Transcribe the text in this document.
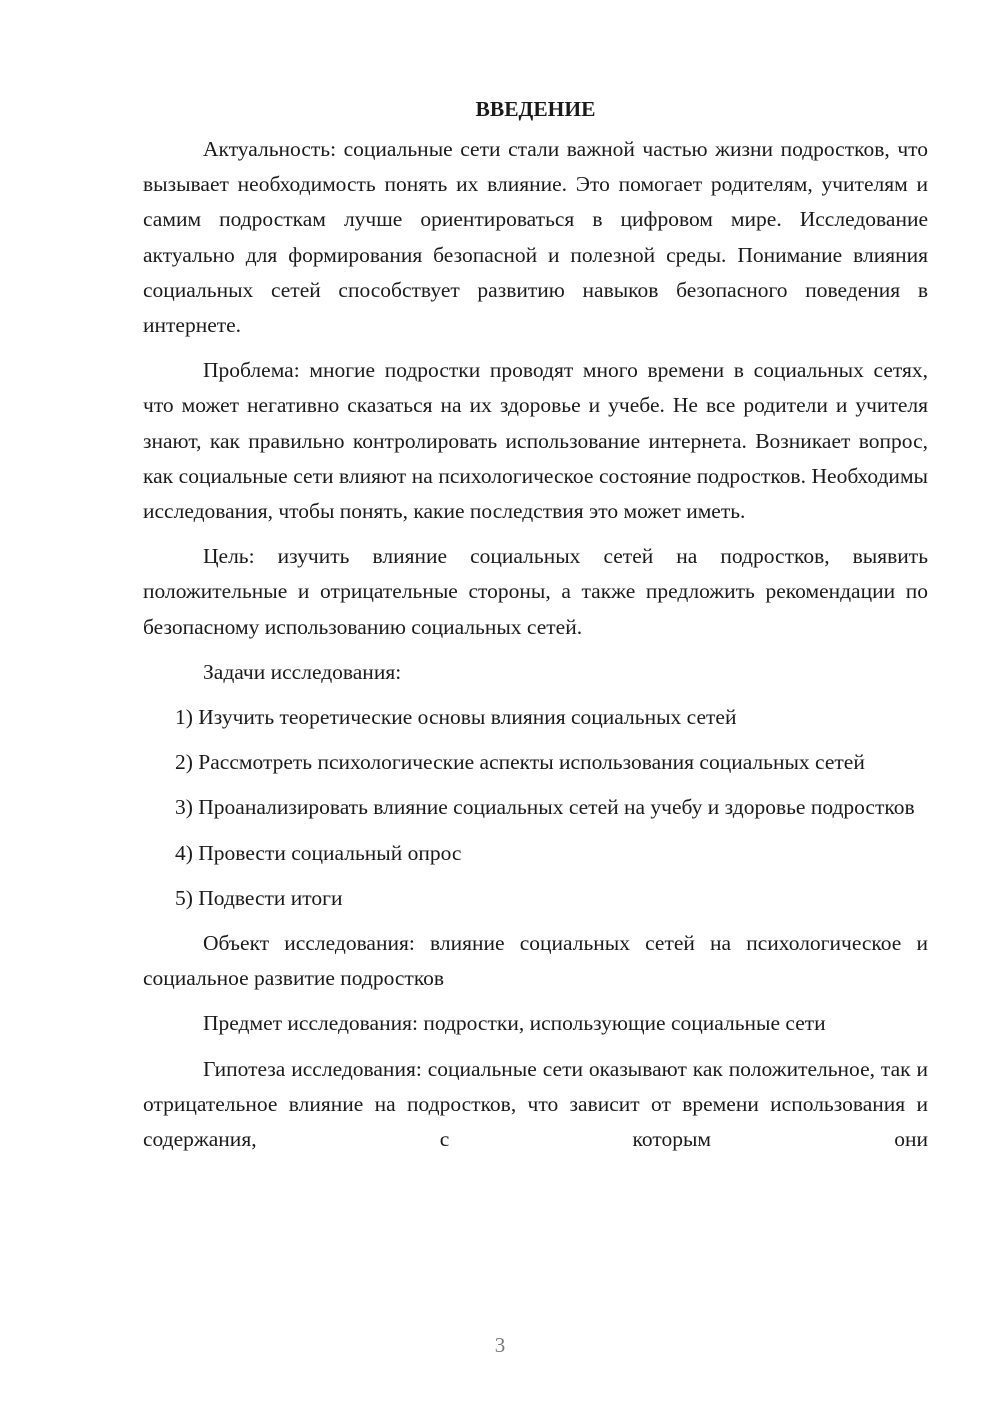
ВВЕДЕНИЕ

Актуальность: социальные сети стали важной частью жизни подростков, что вызывает необходимость понять их влияние. Это помогает родителям, учителям и самим подросткам лучше ориентироваться в цифровом мире. Исследование актуально для формирования безопасной и полезной среды. Понимание влияния социальных сетей способствует развитию навыков безопасного поведения в интернете.

Проблема: многие подростки проводят много времени в социальных сетях, что может негативно сказаться на их здоровье и учебе. Не все родители и учителя знают, как правильно контролировать использование интернета. Возникает вопрос, как социальные сети влияют на психологическое состояние подростков. Необходимы исследования, чтобы понять, какие последствия это может иметь.

Цель: изучить влияние социальных сетей на подростков, выявить положительные и отрицательные стороны, а также предложить рекомендации по безопасному использованию социальных сетей.

Задачи исследования:

1) Изучить теоретические основы влияния социальных сетей

2) Рассмотреть психологические аспекты использования социальных сетей

3) Проанализировать влияние социальных сетей на учебу и здоровье подростков

4) Провести социальный опрос

5) Подвести итоги

Объект исследования: влияние социальных сетей на психологическое и социальное развитие подростков

Предмет исследования: подростки, использующие социальные сети

Гипотеза исследования: социальные сети оказывают как положительное, так и отрицательное влияние на подростков, что зависит от времени использования и содержания, с которым они

3
